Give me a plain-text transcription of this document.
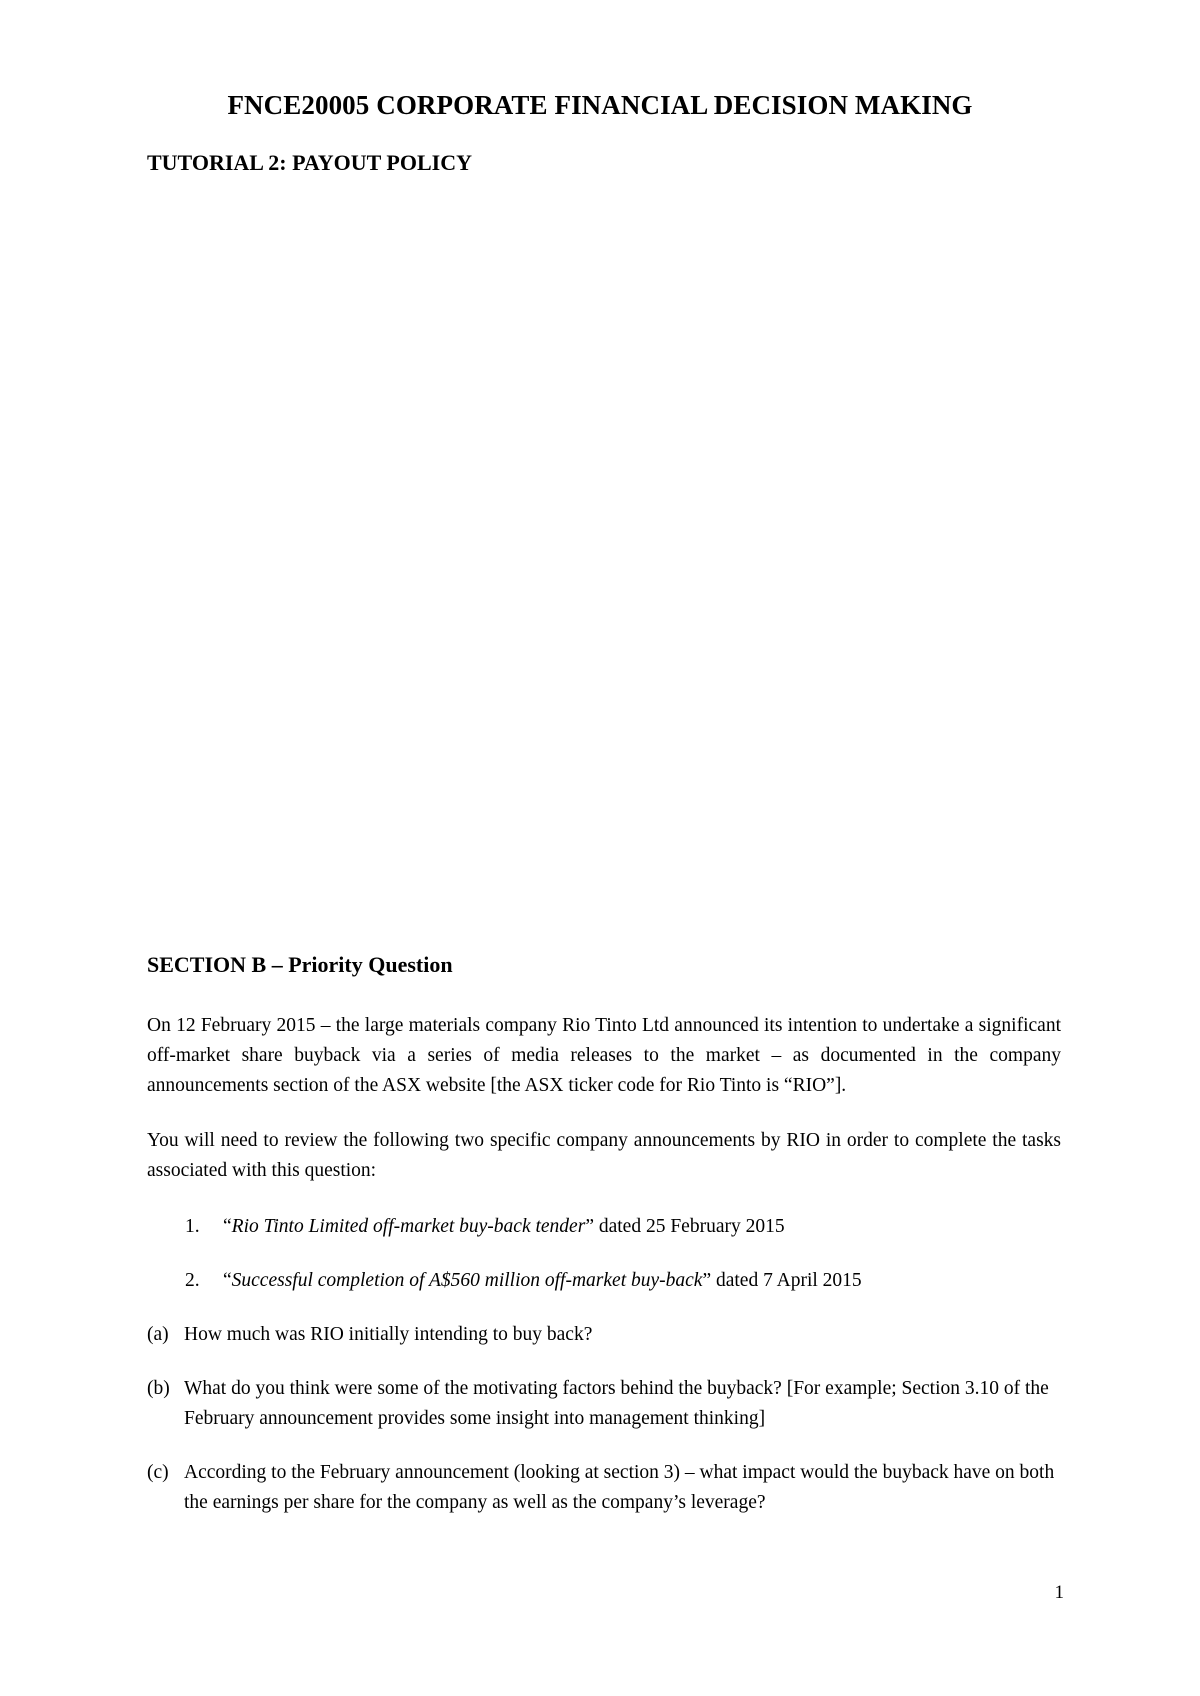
FNCE20005 CORPORATE FINANCIAL DECISION MAKING
TUTORIAL 2: PAYOUT POLICY
SECTION B – Priority Question

On 12 February 2015 – the large materials company Rio Tinto Ltd announced its intention to undertake a significant off-market share buyback via a series of media releases to the market – as documented in the company announcements section of the ASX website [the ASX ticker code for Rio Tinto is “RIO”].

You will need to review the following two specific company announcements by RIO in order to complete the tasks associated with this question:

1. “Rio Tinto Limited off-market buy-back tender” dated 25 February 2015
2. “Successful completion of A$560 million off-market buy-back” dated 7 April 2015
(a) How much was RIO initially intending to buy back?
(b) What do you think were some of the motivating factors behind the buyback? [For example; Section 3.10 of the February announcement provides some insight into management thinking]
(c) According to the February announcement (looking at section 3) – what impact would the buyback have on both the earnings per share for the company as well as the company’s leverage?

1
